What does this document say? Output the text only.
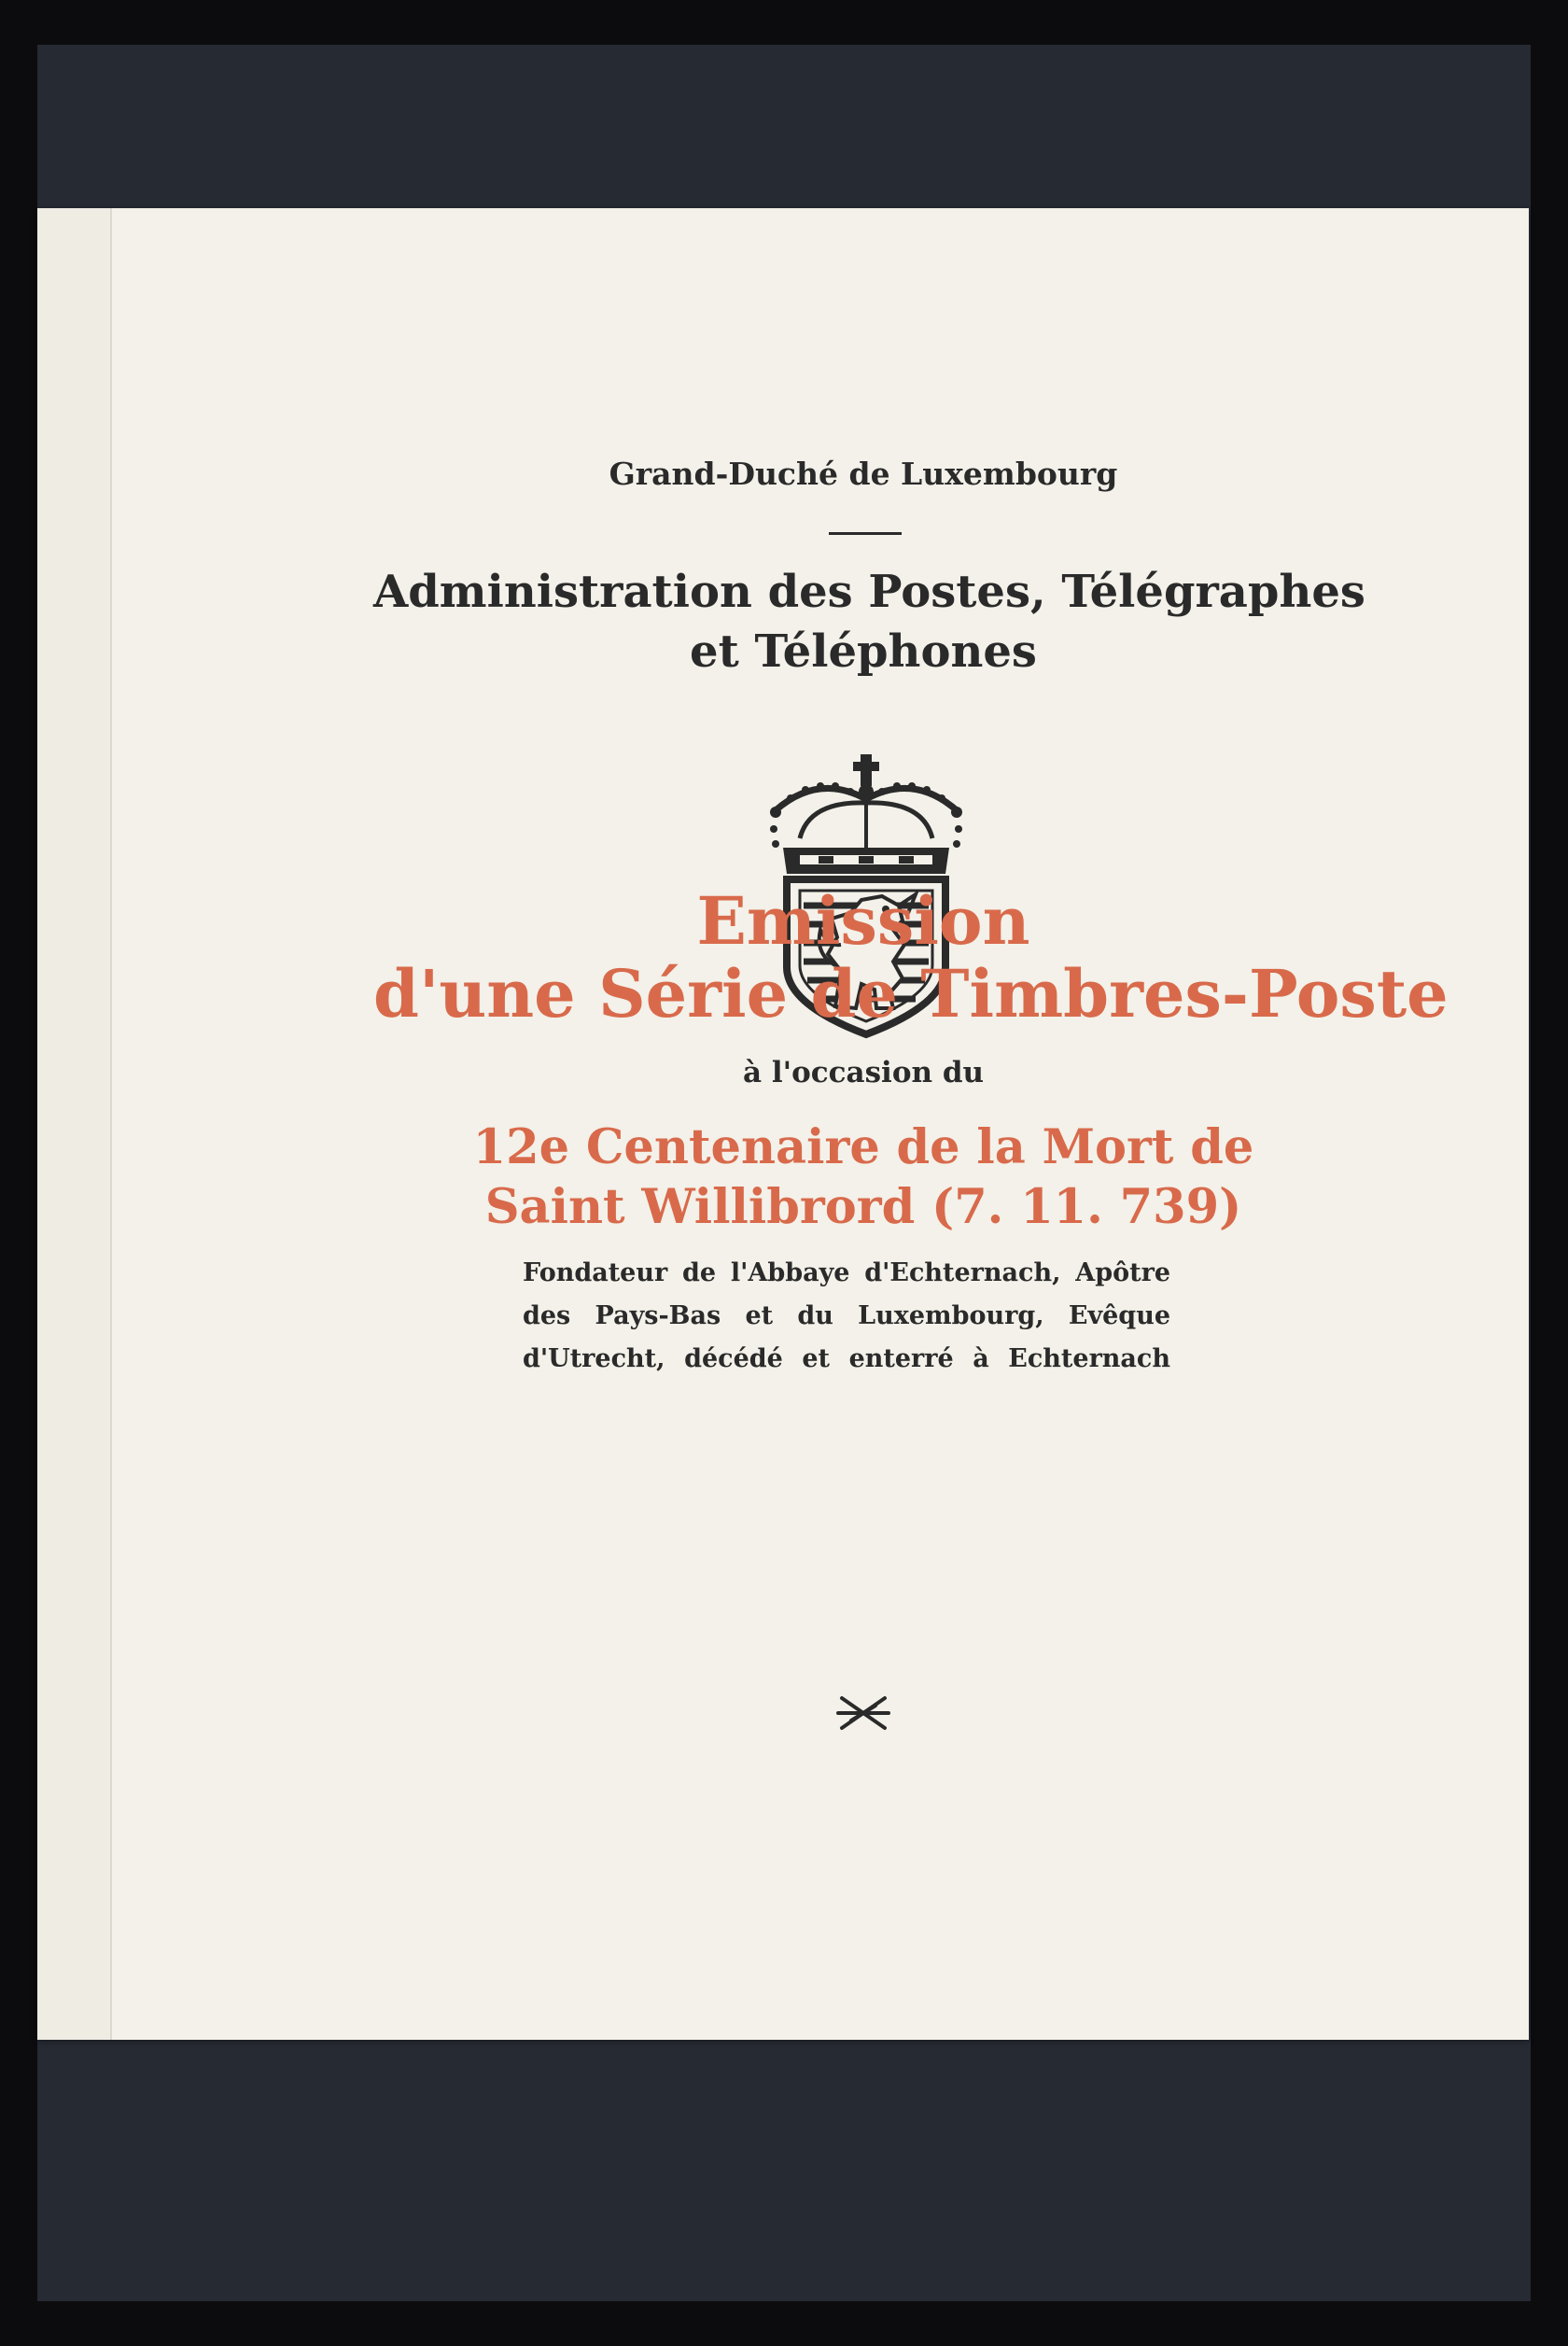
Grand-Duché de Luxembourg

Administration des Postes, Télégraphes

et Téléphones

Emission

d'une Série de Timbres-Poste

à l'occasion du

12e Centenaire de la Mort de

Saint Willibrord (7. 11. 739)

Fondateur de l'Abbaye d'Echternach, Apôtre
des Pays-Bas et du Luxembourg, Evêque
d'Utrecht, décédé et enterré à Echternach
